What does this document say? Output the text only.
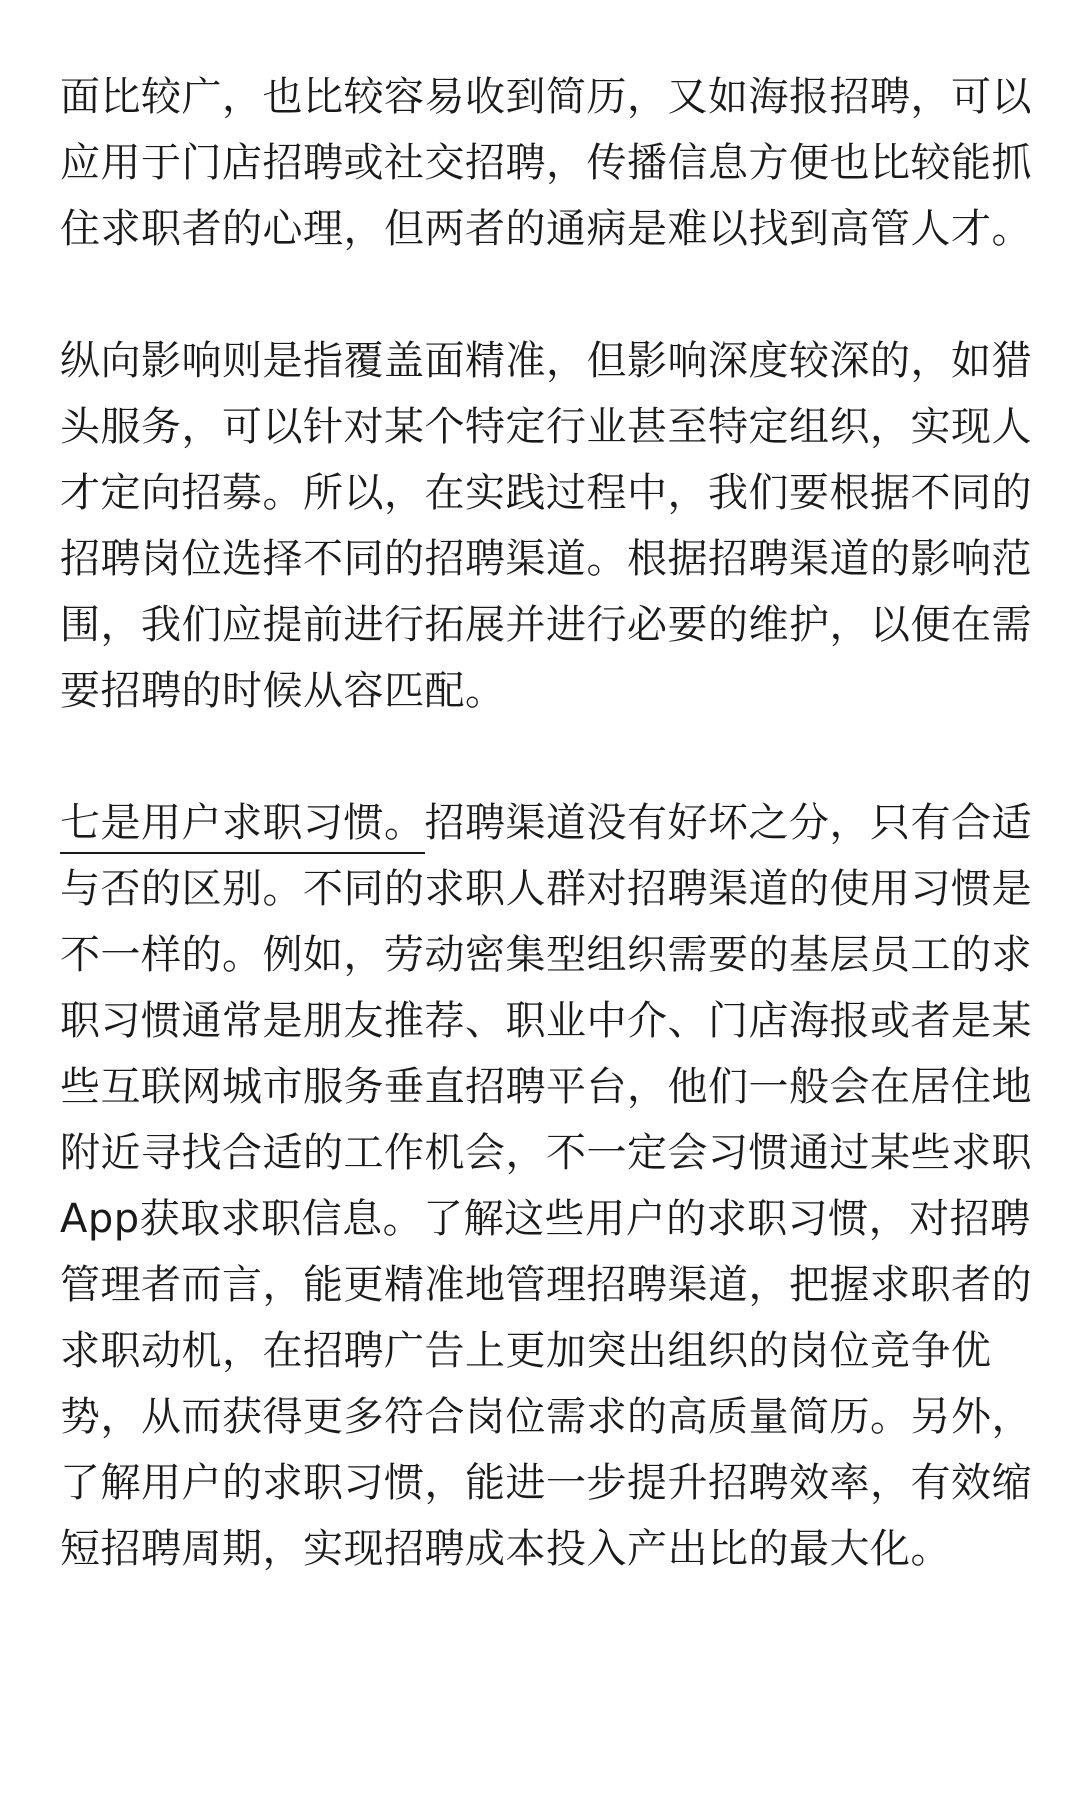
面比较广，也比较容易收到简历，又如海报招聘，可以
应用于门店招聘或社交招聘，传播信息方便也比较能抓
住求职者的心理，但两者的通病是难以找到高管人才。
纵向影响则是指覆盖面精准，但影响深度较深的，如猎
头服务，可以针对某个特定行业甚至特定组织，实现人
才定向招募。所以，在实践过程中，我们要根据不同的
招聘岗位选择不同的招聘渠道。根据招聘渠道的影响范
围，我们应提前进行拓展并进行必要的维护，以便在需
要招聘的时候从容匹配。
七是用户求职习惯。招聘渠道没有好坏之分，只有合适
与否的区别。不同的求职人群对招聘渠道的使用习惯是
不一样的。例如，劳动密集型组织需要的基层员工的求
职习惯通常是朋友推荐、职业中介、门店海报或者是某
些互联网城市服务垂直招聘平台，他们一般会在居住地
附近寻找合适的工作机会，不一定会习惯通过某些求职
App获取求职信息。了解这些用户的求职习惯，对招聘
管理者而言，能更精准地管理招聘渠道，把握求职者的
求职动机，在招聘广告上更加突出组织的岗位竞争优
势，从而获得更多符合岗位需求的高质量简历。另外，
了解用户的求职习惯，能进一步提升招聘效率，有效缩
短招聘周期，实现招聘成本投入产出比的最大化。
